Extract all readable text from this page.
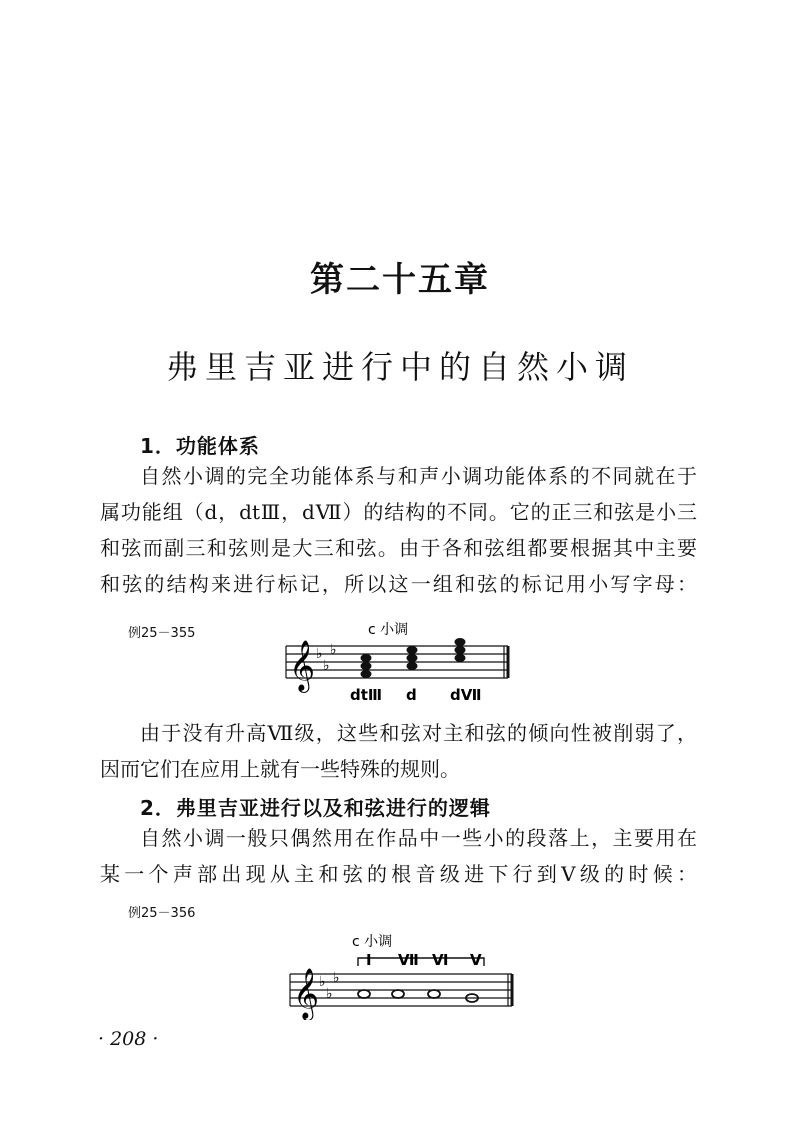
第二十五章
弗里吉亚进行中的自然小调
1．功能体系
自然小调的完全功能体系与和声小调功能体系的不同就在于
属功能组（d，dtⅢ，dⅦ）的结构的不同。它的正三和弦是小三
和弦而副三和弦则是大三和弦。由于各和弦组都要根据其中主要
和弦的结构来进行标记，所以这一组和弦的标记用小写字母：
例25－355	c 小调
𝄞 ♭
♭
♭
dtⅢ d dⅦ
由于没有升高Ⅶ级，这些和弦对主和弦的倾向性被削弱了，
因而它们在应用上就有一些特殊的规则。
2．弗里吉亚进行以及和弦进行的逻辑
自然小调一般只偶然用在作品中一些小的段落上，主要用在
某一个声部出现从主和弦的根音级进下行到Ⅴ级的时候：
例25－356
c 小调
Ⅰ Ⅶ Ⅵ Ⅴ
𝄞 ♭
♭
♭
· 208 ·
